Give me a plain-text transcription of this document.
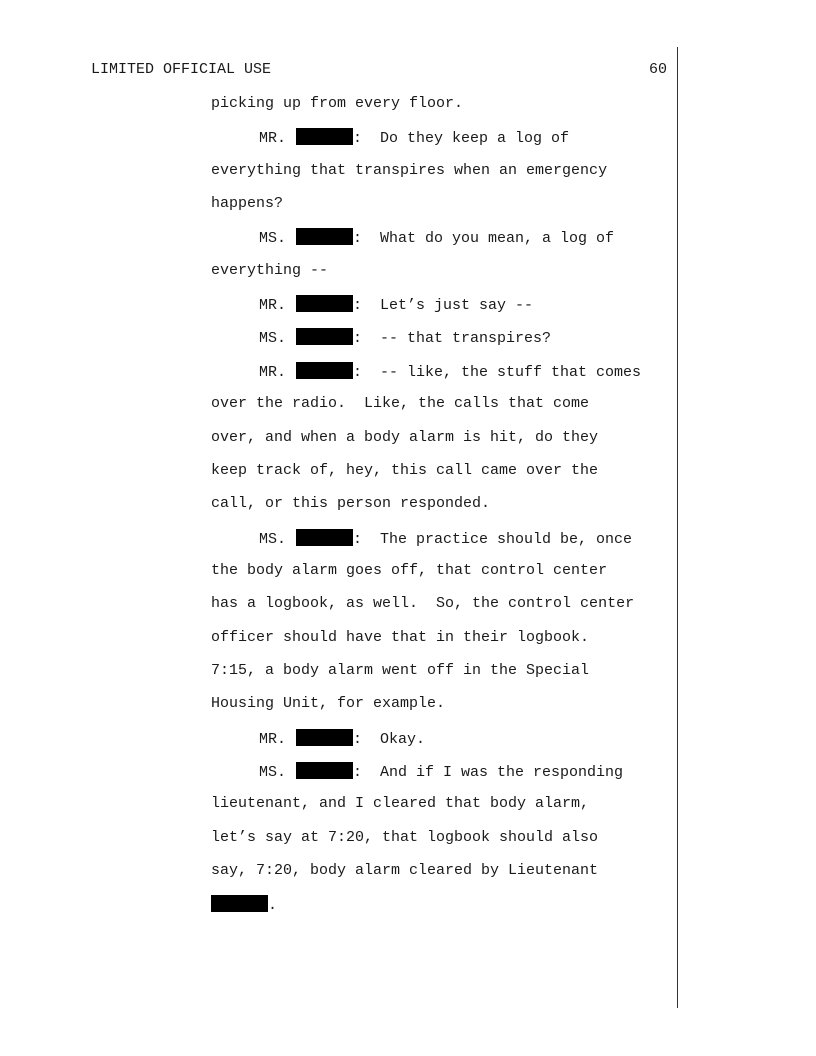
LIMITED OFFICIAL USE	60
picking up from every floor.
MR.	:  Do they keep a log of
everything that transpires when an emergency
happens?
MS.	:  What do you mean, a log of
everything --
MR.	:  Let’s just say --
MS.	:  -- that transpires?
MR.	:  -- like, the stuff that comes
over the radio.  Like, the calls that come
over, and when a body alarm is hit, do they
keep track of, hey, this call came over the
call, or this person responded.
MS.	:  The practice should be, once
the body alarm goes off, that control center
has a logbook, as well.  So, the control center
officer should have that in their logbook.
7:15, a body alarm went off in the Special
Housing Unit, for example.
MR.	:  Okay.
MS.	:  And if I was the responding
lieutenant, and I cleared that body alarm,
let’s say at 7:20, that logbook should also
say, 7:20, body alarm cleared by Lieutenant
.
